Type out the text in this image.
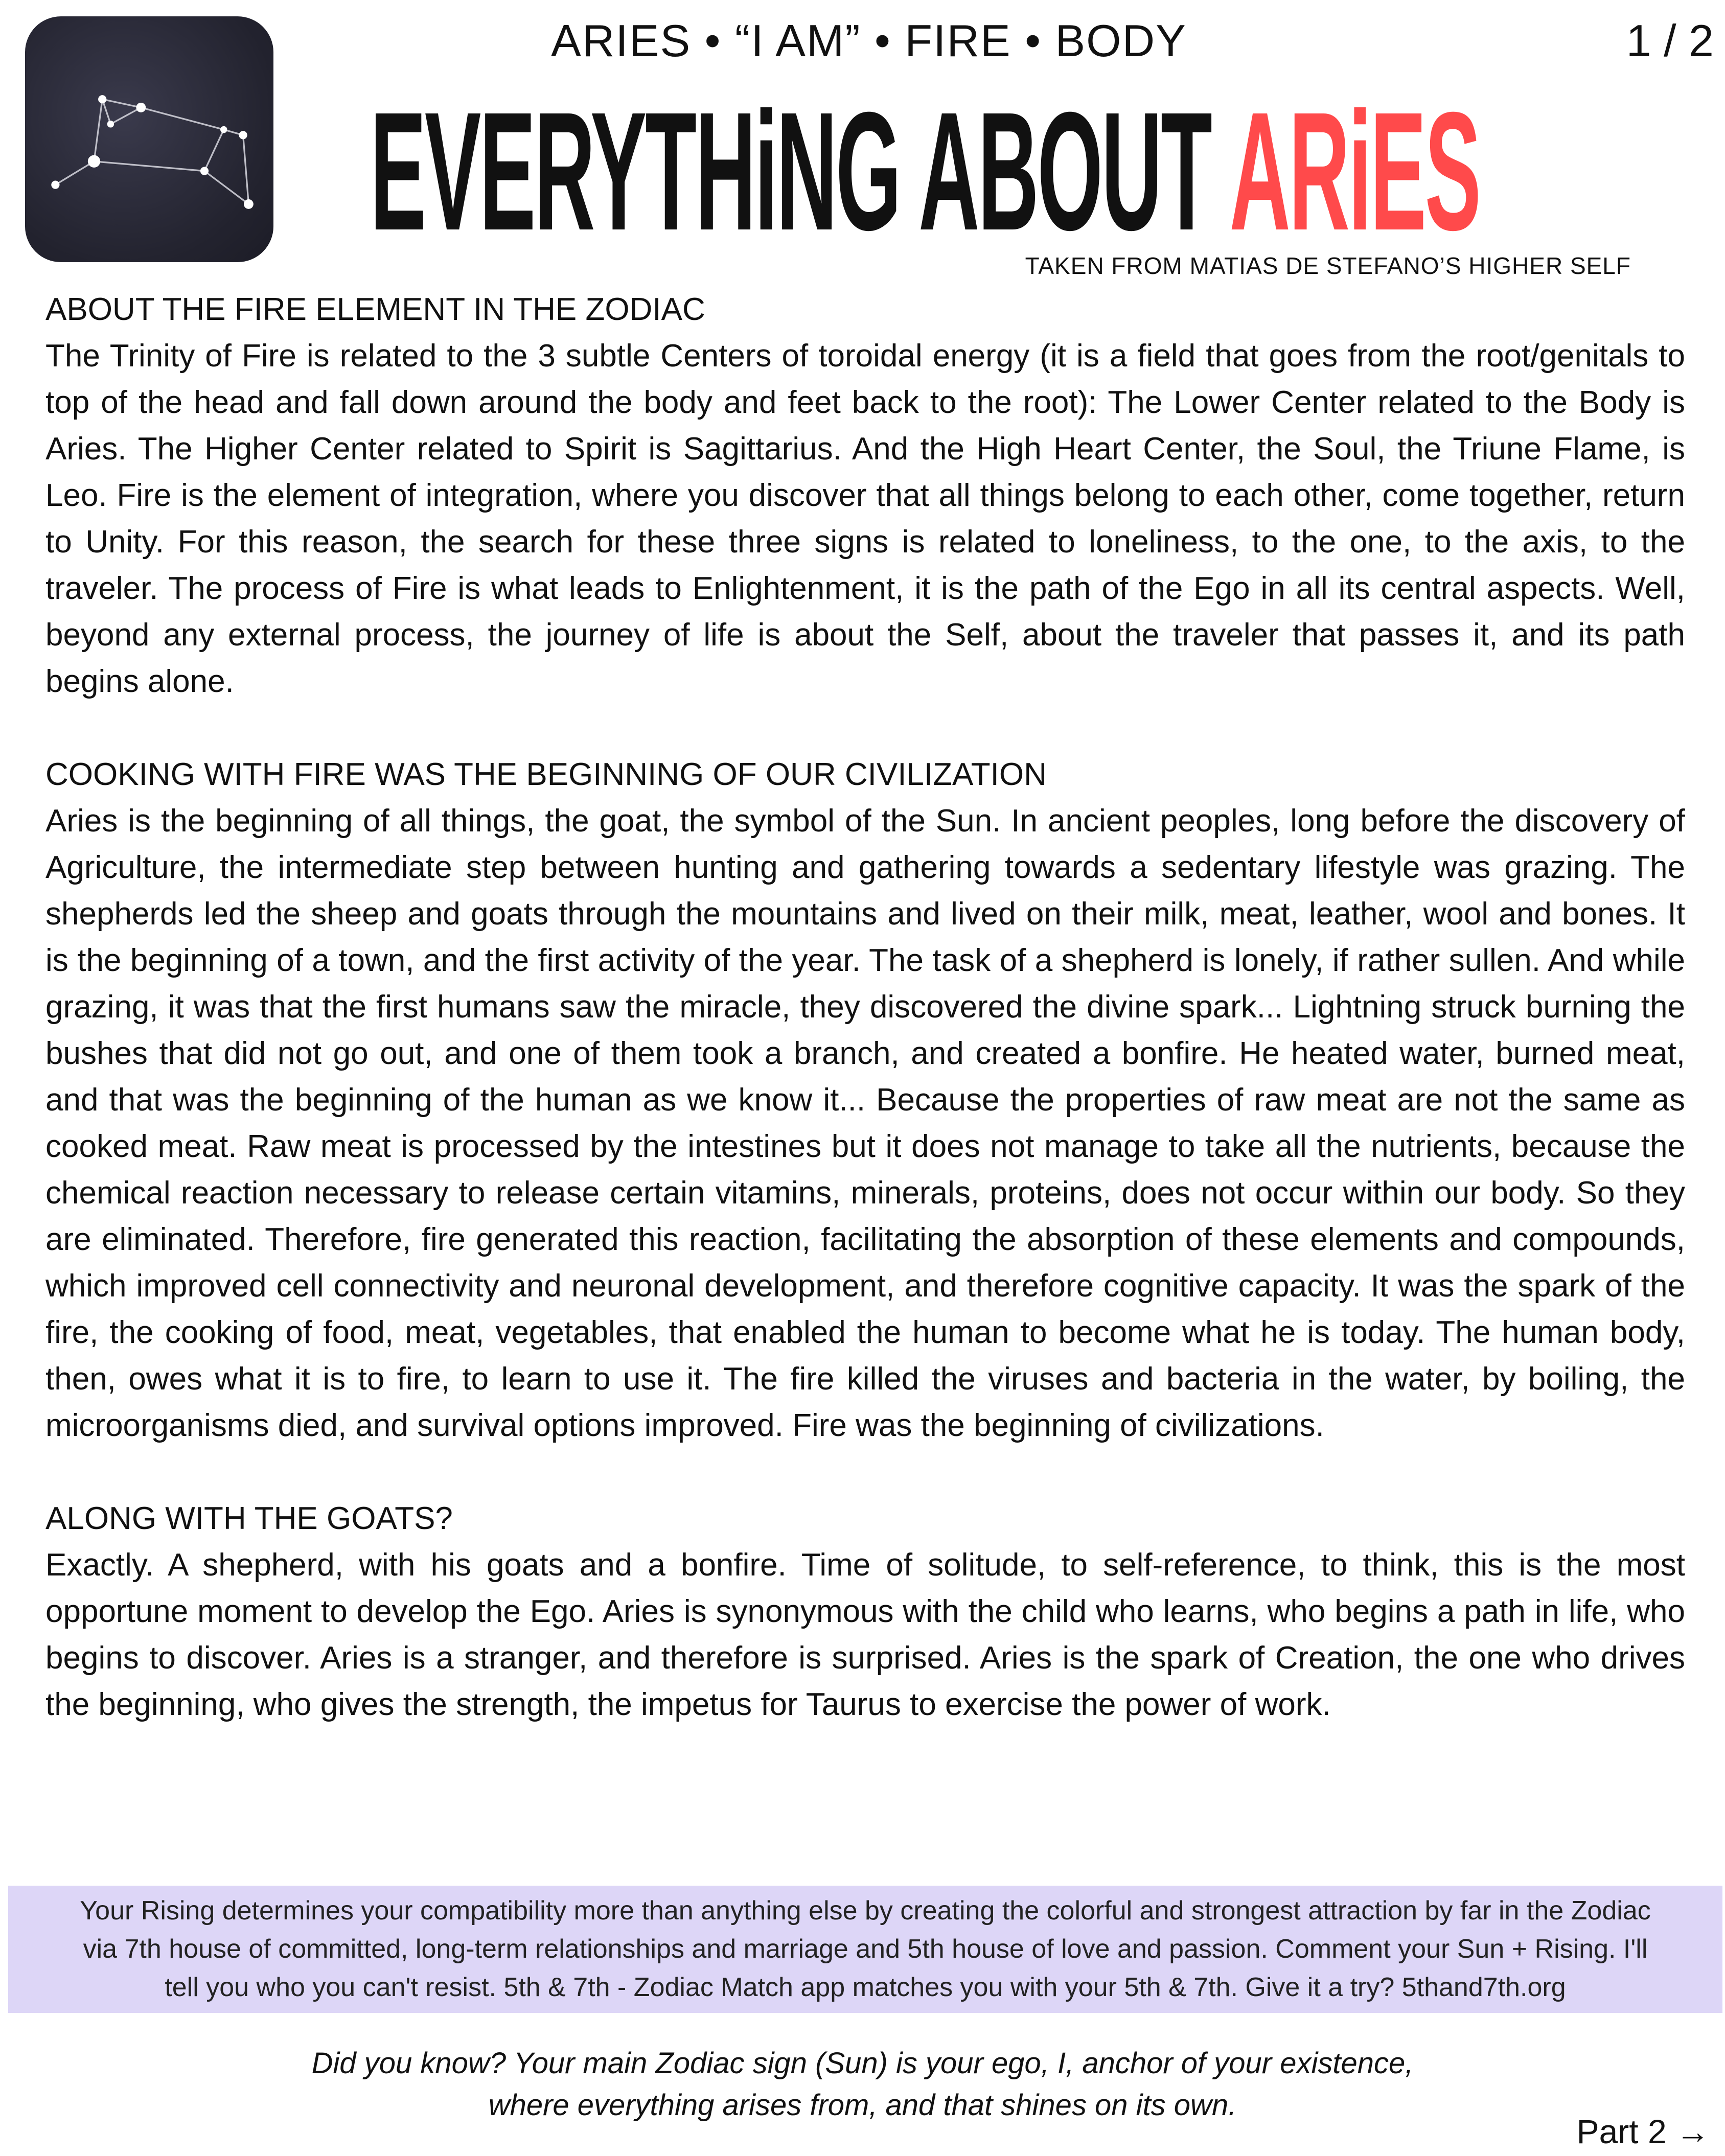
ARIES • “I AM” • FIRE • BODY	1 / 2
EVERYTHiNG ABOUT ARiES
TAKEN FROM MATIAS DE STEFANO’S HIGHER SELF
ABOUT THE FIRE ELEMENT IN THE ZODIAC

The Trinity of Fire is related to the 3 subtle Centers of toroidal energy (it is a field that goes from the root/genitals to top of the head and fall down around the body and feet back to the root): The Lower Center related to the Body is Aries. The Higher Center related to Spirit is Sagittarius. And the High Heart Center, the Soul, the Triune Flame, is Leo. Fire is the element of integration, where you discover that all things belong to each other, come together, return to Unity. For this reason, the search for these three signs is related to loneliness, to the one, to the axis, to the traveler. The process of Fire is what leads to Enlightenment, it is the path of the Ego in all its central aspects. Well, beyond any external process, the journey of life is about the Self, about the traveler that passes it, and its path begins alone.

COOKING WITH FIRE WAS THE BEGINNING OF OUR CIVILIZATION

Aries is the beginning of all things, the goat, the symbol of the Sun. In ancient peoples, long before the discovery of Agriculture, the intermediate step between hunting and gathering towards a sedentary lifestyle was grazing. The shepherds led the sheep and goats through the mountains and lived on their milk, meat, leather, wool and bones. It is the beginning of a town, and the first activity of the year. The task of a shepherd is lonely, if rather sullen. And while grazing, it was that the first humans saw the miracle, they discovered the divine spark... Lightning struck burning the bushes that did not go out, and one of them took a branch, and created a bonfire. He heated water, burned meat, and that was the beginning of the human as we know it... Because the properties of raw meat are not the same as cooked meat. Raw meat is processed by the intestines but it does not manage to take all the nutrients, because the chemical reaction necessary to release certain vitamins, minerals, proteins, does not occur within our body. So they are eliminated. Therefore, fire generated this reaction, facilitating the absorption of these elements and compounds, which improved cell connectivity and neuronal development, and therefore cognitive capacity. It was the spark of the fire, the cooking of food, meat, vegetables, that enabled the human to become what he is today. The human body, then, owes what it is to fire, to learn to use it. The fire killed the viruses and bacteria in the water, by boiling, the microorganisms died, and survival options improved. Fire was the beginning of civilizations.

ALONG WITH THE GOATS?

Exactly. A shepherd, with his goats and a bonfire. Time of solitude, to self-reference, to think, this is the most opportune moment to develop the Ego. Aries is synonymous with the child who learns, who begins a path in life, who begins to discover. Aries is a stranger, and therefore is surprised. Aries is the spark of Creation, the one who drives the beginning, who gives the strength, the impetus for Taurus to exercise the power of work.

Your Rising determines your compatibility more than anything else by creating the colorful and strongest attraction by far in the Zodiac via 7th house of committed, long-term relationships and marriage and 5th house of love and passion. Comment your Sun + Rising. I'll tell you who you can't resist. 5th & 7th - Zodiac Match app matches you with your 5th & 7th. Give it a try? 5thand7th.org
Did you know? Your main Zodiac sign (Sun) is your ego, I, anchor of your existence,
where everything arises from, and that shines on its own.
Part 2 →
